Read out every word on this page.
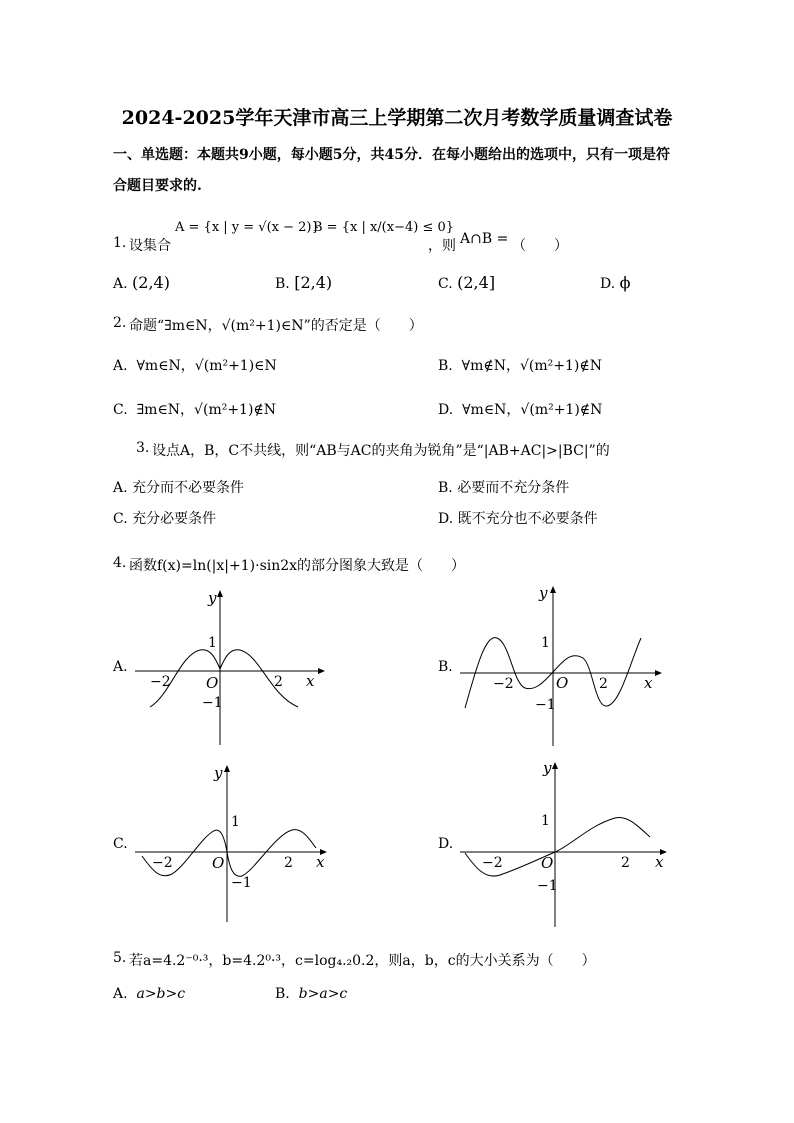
2024-2025学年天津市高三上学期第二次月考数学质量调查试卷
一、单选题：本题共9小题，每小题5分，共45分．在每小题给出的选项中，只有一项是符
合题目要求的.
1. 设集合
A = {x | y = √(x − 2)}
B = {x | x/(x−4) ≤ 0}
，则 A∩B = （　　）
A. (2,4)	B. [2,4)	C. (2,4]	D. ϕ
2. 命题“∃m∈N，√(m²+1)∈N”的否定是（　　）
A. ∀m∈N，√(m²+1)∈N	B. ∀m∉N，√(m²+1)∉N
C. ∃m∈N，√(m²+1)∉N	D. ∀m∈N，√(m²+1)∉N
3. 设点A，B，C不共线，则“AB与AC的夹角为锐角”是“|AB+AC|>|BC|”的
A. 充分而不必要条件	B. 必要而不充分条件
C. 充分必要条件	D. 既不充分也不必要条件
4. 函数f(x)=ln(|x|+1)·sin2x的部分图象大致是（　　）
A.	B.
C.	D.
y
x
O
1
−1
2
−2
y
x
O
1
−1
2
−2
y
x
O
1
−1
2
−2
y
x
O
1
−1
2
−2
5. 若a=4.2⁻⁰·³，b=4.2⁰·³，c=log₄.₂0.2，则a，b，c的大小关系为（　　）
A. a>b>c	B. b>a>c
